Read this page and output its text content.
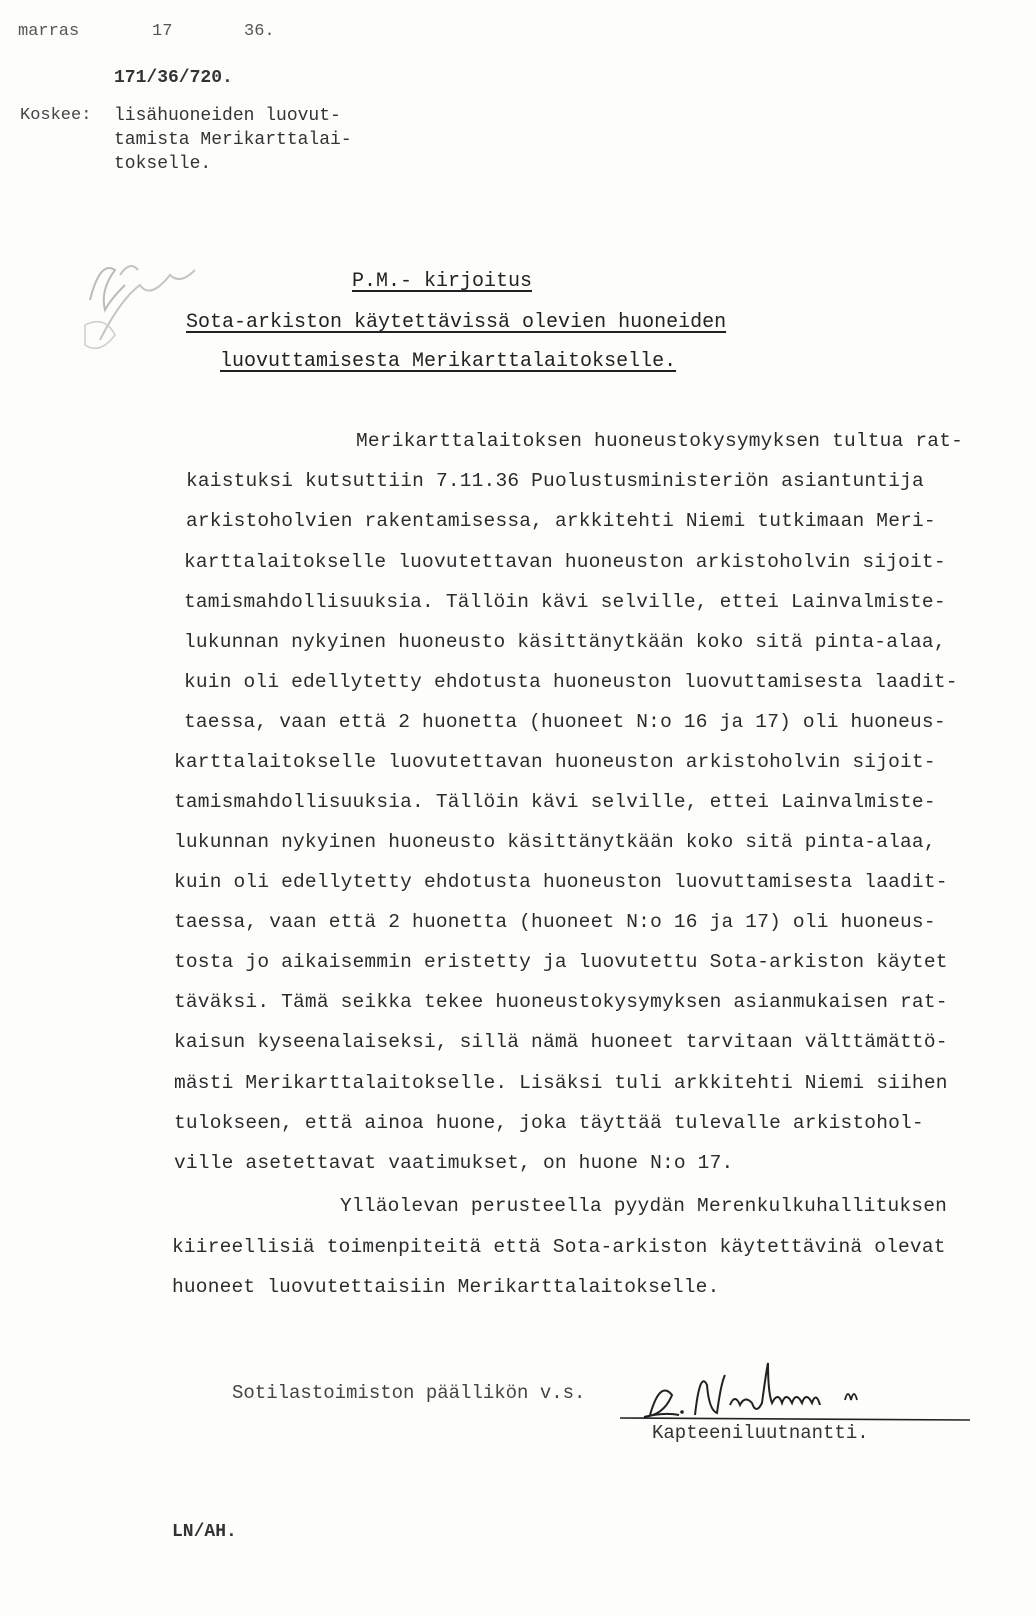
marras	17	36.
171/36/720.
Koskee: lisähuoneiden luovut-
tamista Merikarttalai-
tokselle.
P.M.- kirjoitus
Sota-arkiston käytettävissä olevien huoneiden
luovuttamisesta Merikarttalaitokselle.
Merikarttalaitoksen huoneustokysymyksen tultua rat-
kaistuksi kutsuttiin 7.11.36 Puolustusministeriön asiantuntija
arkistoholvien rakentamisessa, arkkitehti Niemi tutkimaan Meri-
karttalaitokselle luovutettavan huoneuston arkistoholvin sijoit-
tamismahdollisuuksia. Tällöin kävi selville, ettei Lainvalmiste-
lukunnan nykyinen huoneusto käsittänytkään koko sitä pinta-alaa,
kuin oli edellytetty ehdotusta huoneuston luovuttamisesta laadit-
taessa, vaan että 2 huonetta (huoneet N:o 16 ja 17) oli huoneus-
karttalaitokselle luovutettavan huoneuston arkistoholvin sijoit-
tamismahdollisuuksia. Tällöin kävi selville, ettei Lainvalmiste-
lukunnan nykyinen huoneusto käsittänytkään koko sitä pinta-alaa,
kuin oli edellytetty ehdotusta huoneuston luovuttamisesta laadit-
taessa, vaan että 2 huonetta (huoneet N:o 16 ja 17) oli huoneus-
tosta jo aikaisemmin eristetty ja luovutettu Sota-arkiston käytet
täväksi. Tämä seikka tekee huoneustokysymyksen asianmukaisen rat-
kaisun kyseenalaiseksi, sillä nämä huoneet tarvitaan välttämättö-
mästi Merikarttalaitokselle. Lisäksi tuli arkkitehti Niemi siihen
tulokseen, että ainoa huone, joka täyttää tulevalle arkistohol-
ville asetettavat vaatimukset, on huone N:o 17.
Ylläolevan perusteella pyydän Merenkulkuhallituksen
kiireellisiä toimenpiteitä että Sota-arkiston käytettävinä olevat
huoneet luovutettaisiin Merikarttalaitokselle.
Sotilastoimiston päällikön v.s.
Kapteeniluutnantti.
LN/AH.
